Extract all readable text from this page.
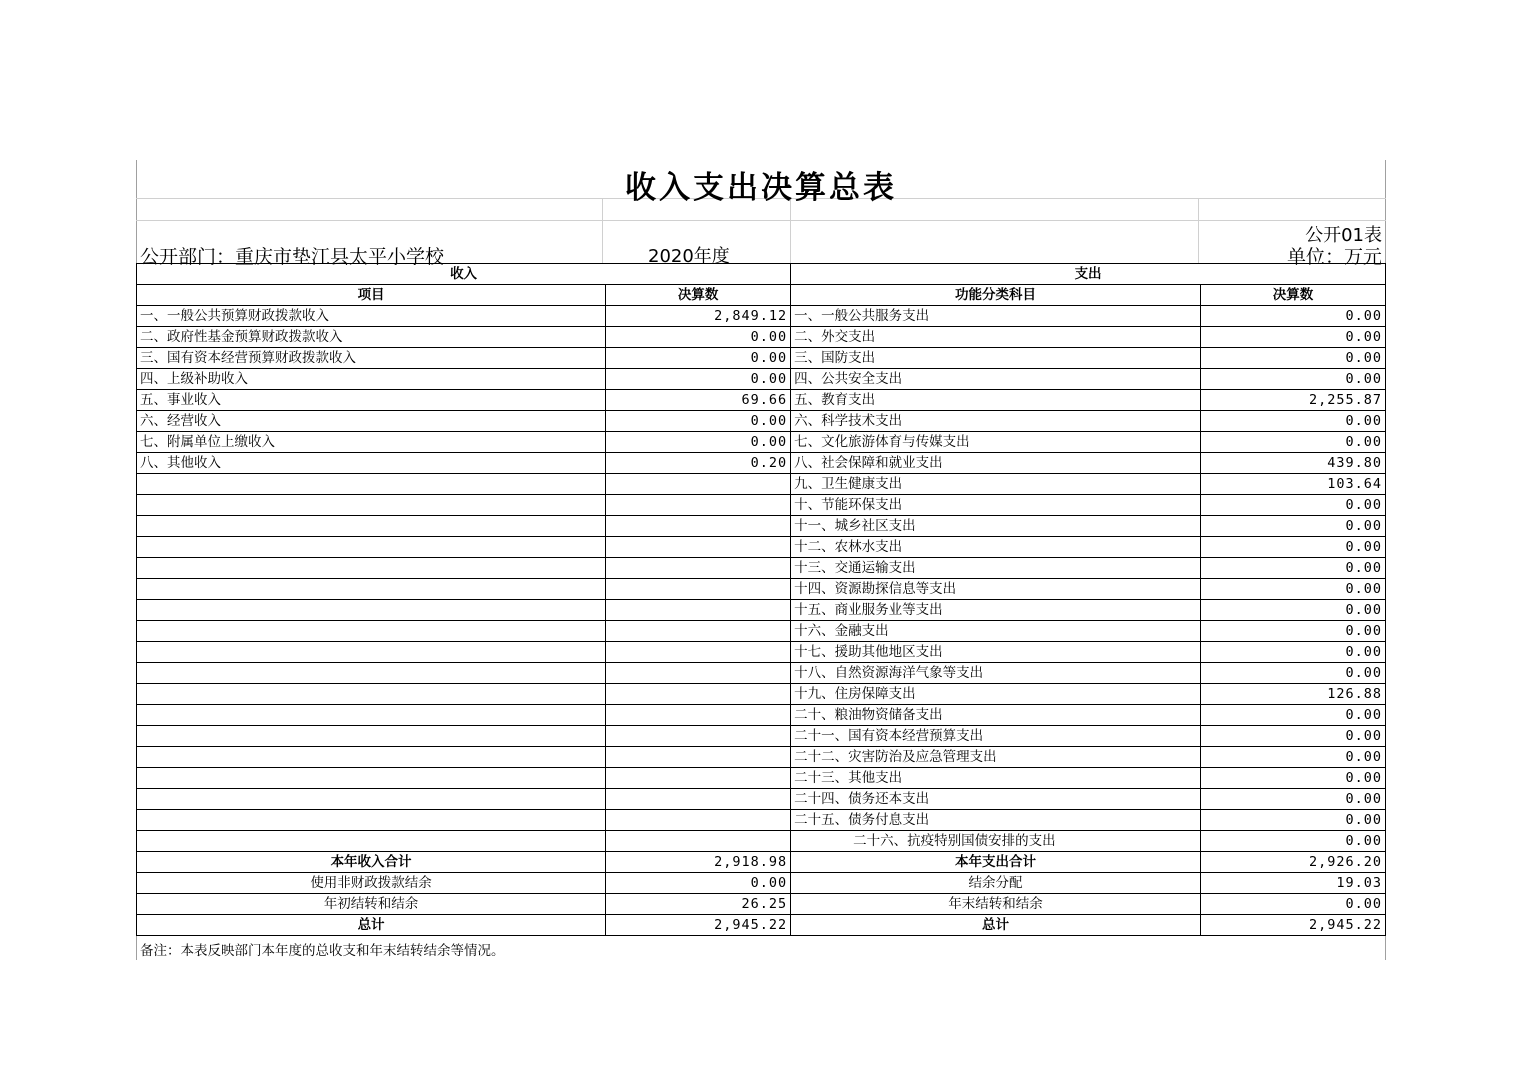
收入支出决算总表
公开01表
公开部门：重庆市垫江县太平小学校	2020年度	单位：万元
收入		支出	
项目	决算数	功能分类科目	决算数
一、一般公共预算财政拨款收入	2,849.12	一、一般公共服务支出	0.00
二、政府性基金预算财政拨款收入	0.00	二、外交支出	0.00
三、国有资本经营预算财政拨款收入	0.00	三、国防支出	0.00
四、上级补助收入	0.00	四、公共安全支出	0.00
五、事业收入	69.66	五、教育支出	2,255.87
六、经营收入	0.00	六、科学技术支出	0.00
七、附属单位上缴收入	0.00	七、文化旅游体育与传媒支出	0.00
八、其他收入	0.20	八、社会保障和就业支出	439.80
		九、卫生健康支出	103.64
		十、节能环保支出	0.00
		十一、城乡社区支出	0.00
		十二、农林水支出	0.00
		十三、交通运输支出	0.00
		十四、资源勘探信息等支出	0.00
		十五、商业服务业等支出	0.00
		十六、金融支出	0.00
		十七、援助其他地区支出	0.00
		十八、自然资源海洋气象等支出	0.00
		十九、住房保障支出	126.88
		二十、粮油物资储备支出	0.00
		二十一、国有资本经营预算支出	0.00
		二十二、灾害防治及应急管理支出	0.00
		二十三、其他支出	0.00
		二十四、债务还本支出	0.00
		二十五、债务付息支出	0.00
		二十六、抗疫特别国债安排的支出	0.00
本年收入合计	2,918.98	本年支出合计	2,926.20
使用非财政拨款结余	0.00	结余分配	19.03
年初结转和结余	26.25	年末结转和结余	0.00
总计	2,945.22	总计	2,945.22
备注：本表反映部门本年度的总收支和年末结转结余等情况。
